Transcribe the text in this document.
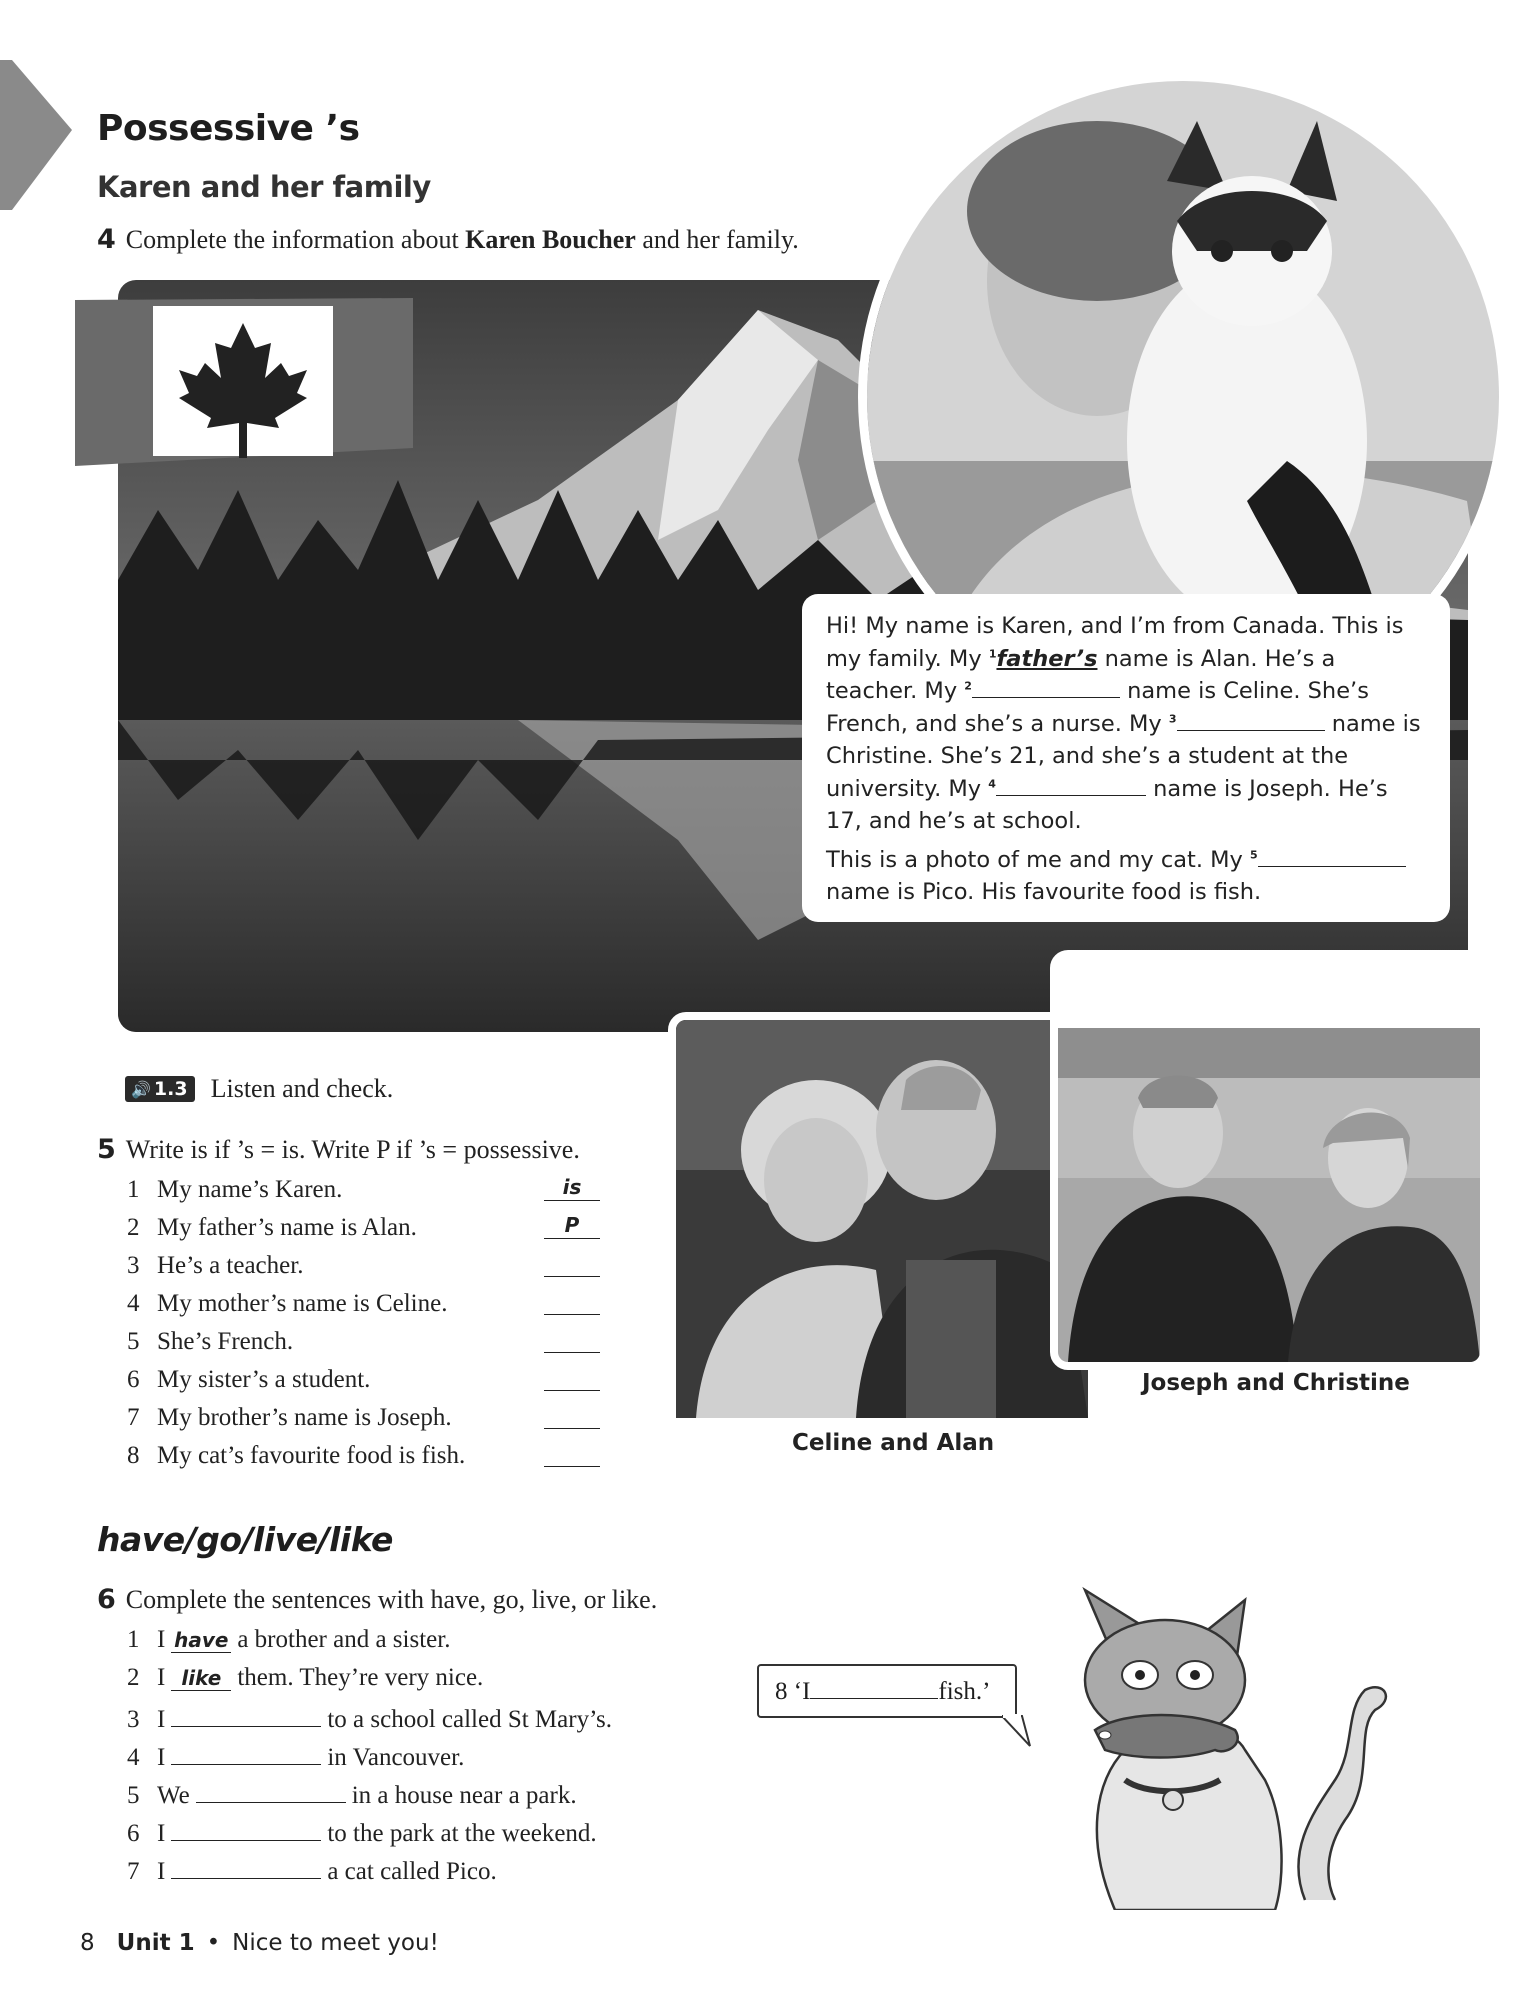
Possessive ’s
Karen and her family
4 Complete the information about Karen Boucher and her family.

Hi! My name is Karen, and I’m from Canada. This is my family. My $^1$father’s name is Alan. He’s a teacher. My $^2$	name is Celine. She’s French, and she’s a nurse. My $^3$	name is Christine. She’s 21, and she’s a student at the university. My $^4$	name is Joseph. He’s 17, and he’s at school.

This is a photo of me and my cat. My $^5$ name is Pico. His favourite food is fish.

Celine and Alan
Joseph and Christine
🔊 1.3 Listen and check.
5 Write is if ’s = is. Write P if ’s = possessive.
1 My name’s Karen.	is
2 My father’s name is Alan.	P
3 He’s a teacher.
4 My mother’s name is Celine.
5 She’s French.
6 My sister’s a student.
7 My brother’s name is Joseph.
8 My cat’s favourite food is fish.
have/go/live/like
6 Complete the sentences with have, go, live, or like.
1 I have a brother and a sister.
2 I like them. They’re very nice.
3 I	to a school called St Mary’s.
4 I	in Vancouver.
5 We	in a house near a park.
6 I	to the park at the weekend.
7 I	a cat called Pico.
8 ‘I	fish.’
8 Unit 1 • Nice to meet you!
